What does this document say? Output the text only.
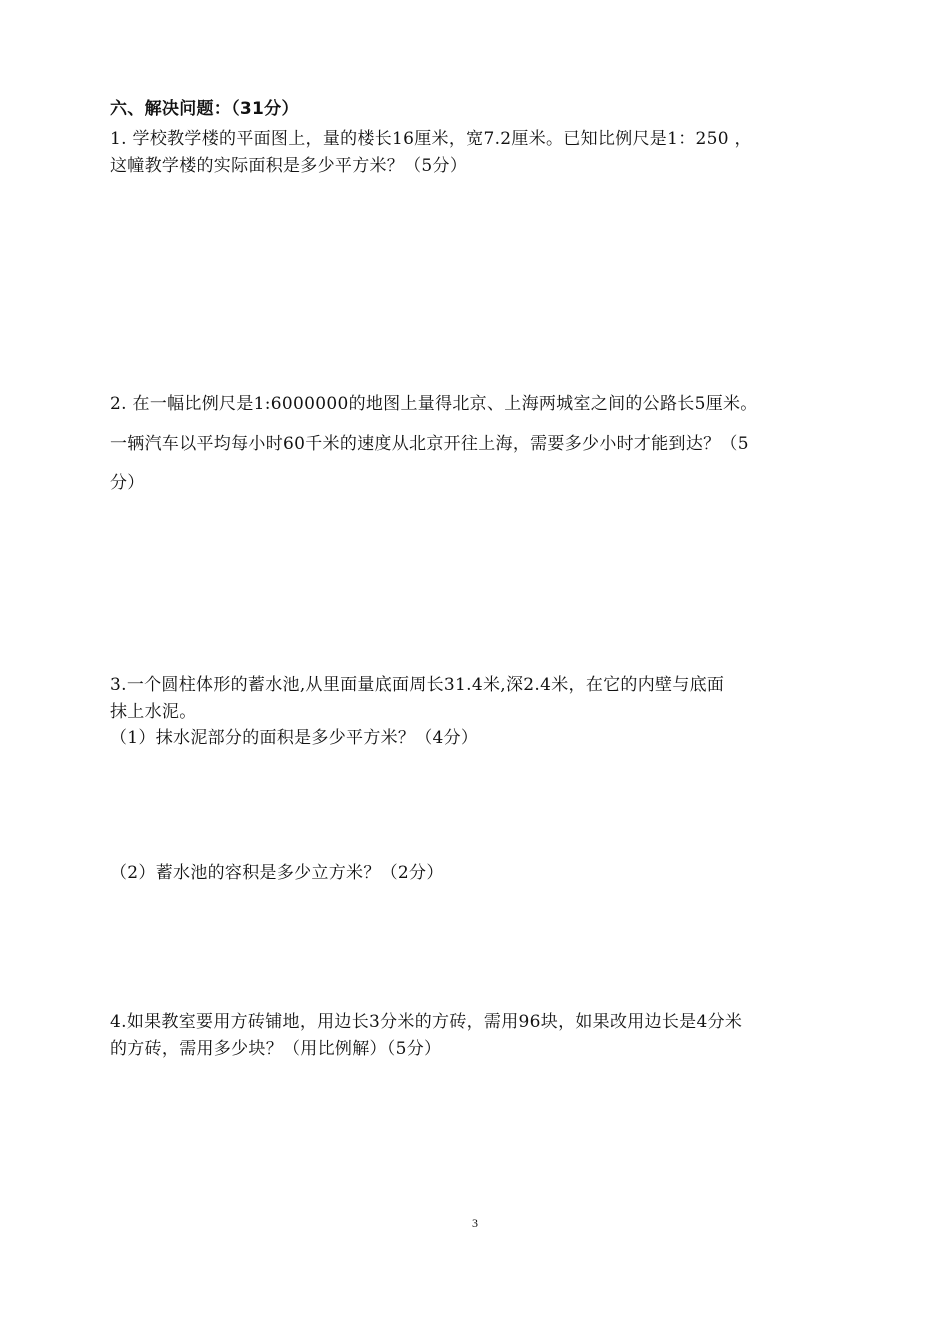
六、解决问题：（31分）
1. 学校教学楼的平面图上，量的楼长16厘米，宽7.2厘米。已知比例尺是1：250 ，
这幢教学楼的实际面积是多少平方米？（5分）
2. 在一幅比例尺是1:6000000的地图上量得北京、上海两城室之间的公路长5厘米。
一辆汽车以平均每小时60千米的速度从北京开往上海，需要多少小时才能到达？（5
分）
3.一个圆柱体形的蓄水池,从里面量底面周长31.4米,深2.4米，在它的内壁与底面
抹上水泥。
（1）抹水泥部分的面积是多少平方米？（4分）
（2）蓄水池的容积是多少立方米？（2分）
4.如果教室要用方砖铺地，用边长3分米的方砖，需用96块，如果改用边长是4分米
的方砖，需用多少块？（用比例解）（5分）
3
